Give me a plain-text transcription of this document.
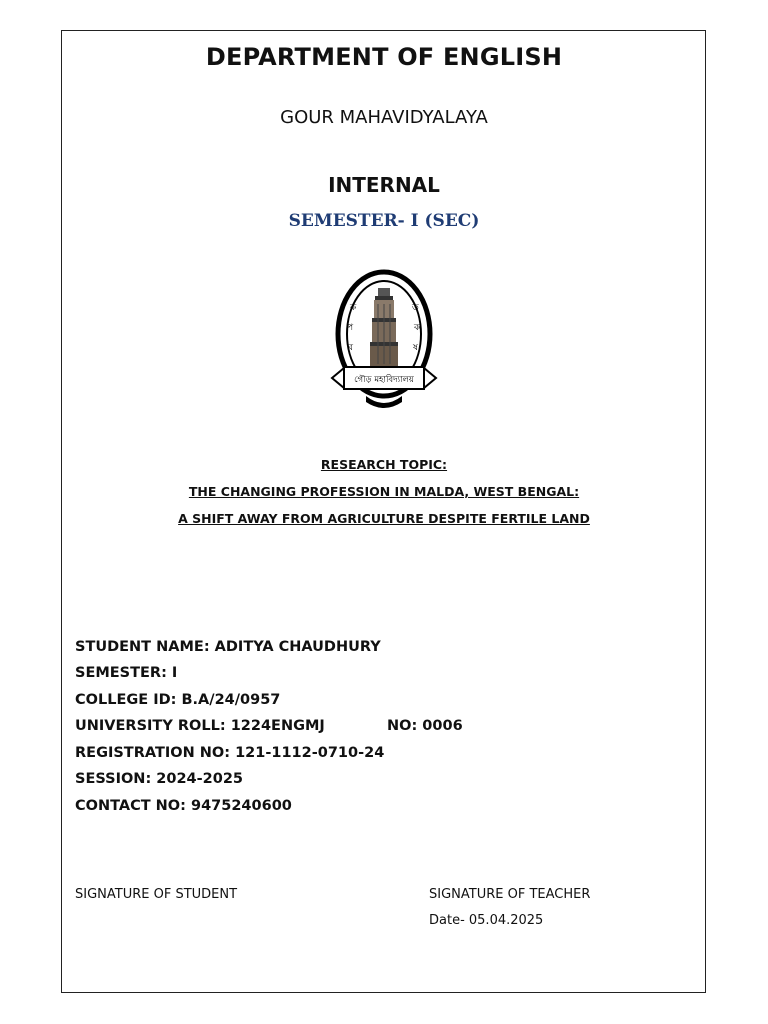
DEPARTMENT OF ENGLISH
GOUR MAHAVIDYALAYA
INTERNAL
SEMESTER- I (SEC)
ক
প
ব
ত
ক
ষ
গৌড় মহাবিদ্যালয়
RESEARCH TOPIC:
THE CHANGING PROFESSION IN MALDA, WEST BENGAL:
A SHIFT AWAY FROM AGRICULTURE DESPITE FERTILE LAND
STUDENT NAME: ADITYA CHAUDHURY
SEMESTER: I
COLLEGE ID: B.A/24/0957
UNIVERSITY ROLL: 1224ENGMJ	NO: 0006
REGISTRATION NO: 121-1112-0710-24
SESSION: 2024-2025
CONTACT NO: 9475240600
SIGNATURE OF STUDENT	SIGNATURE OF TEACHER
Date- 05.04.2025
